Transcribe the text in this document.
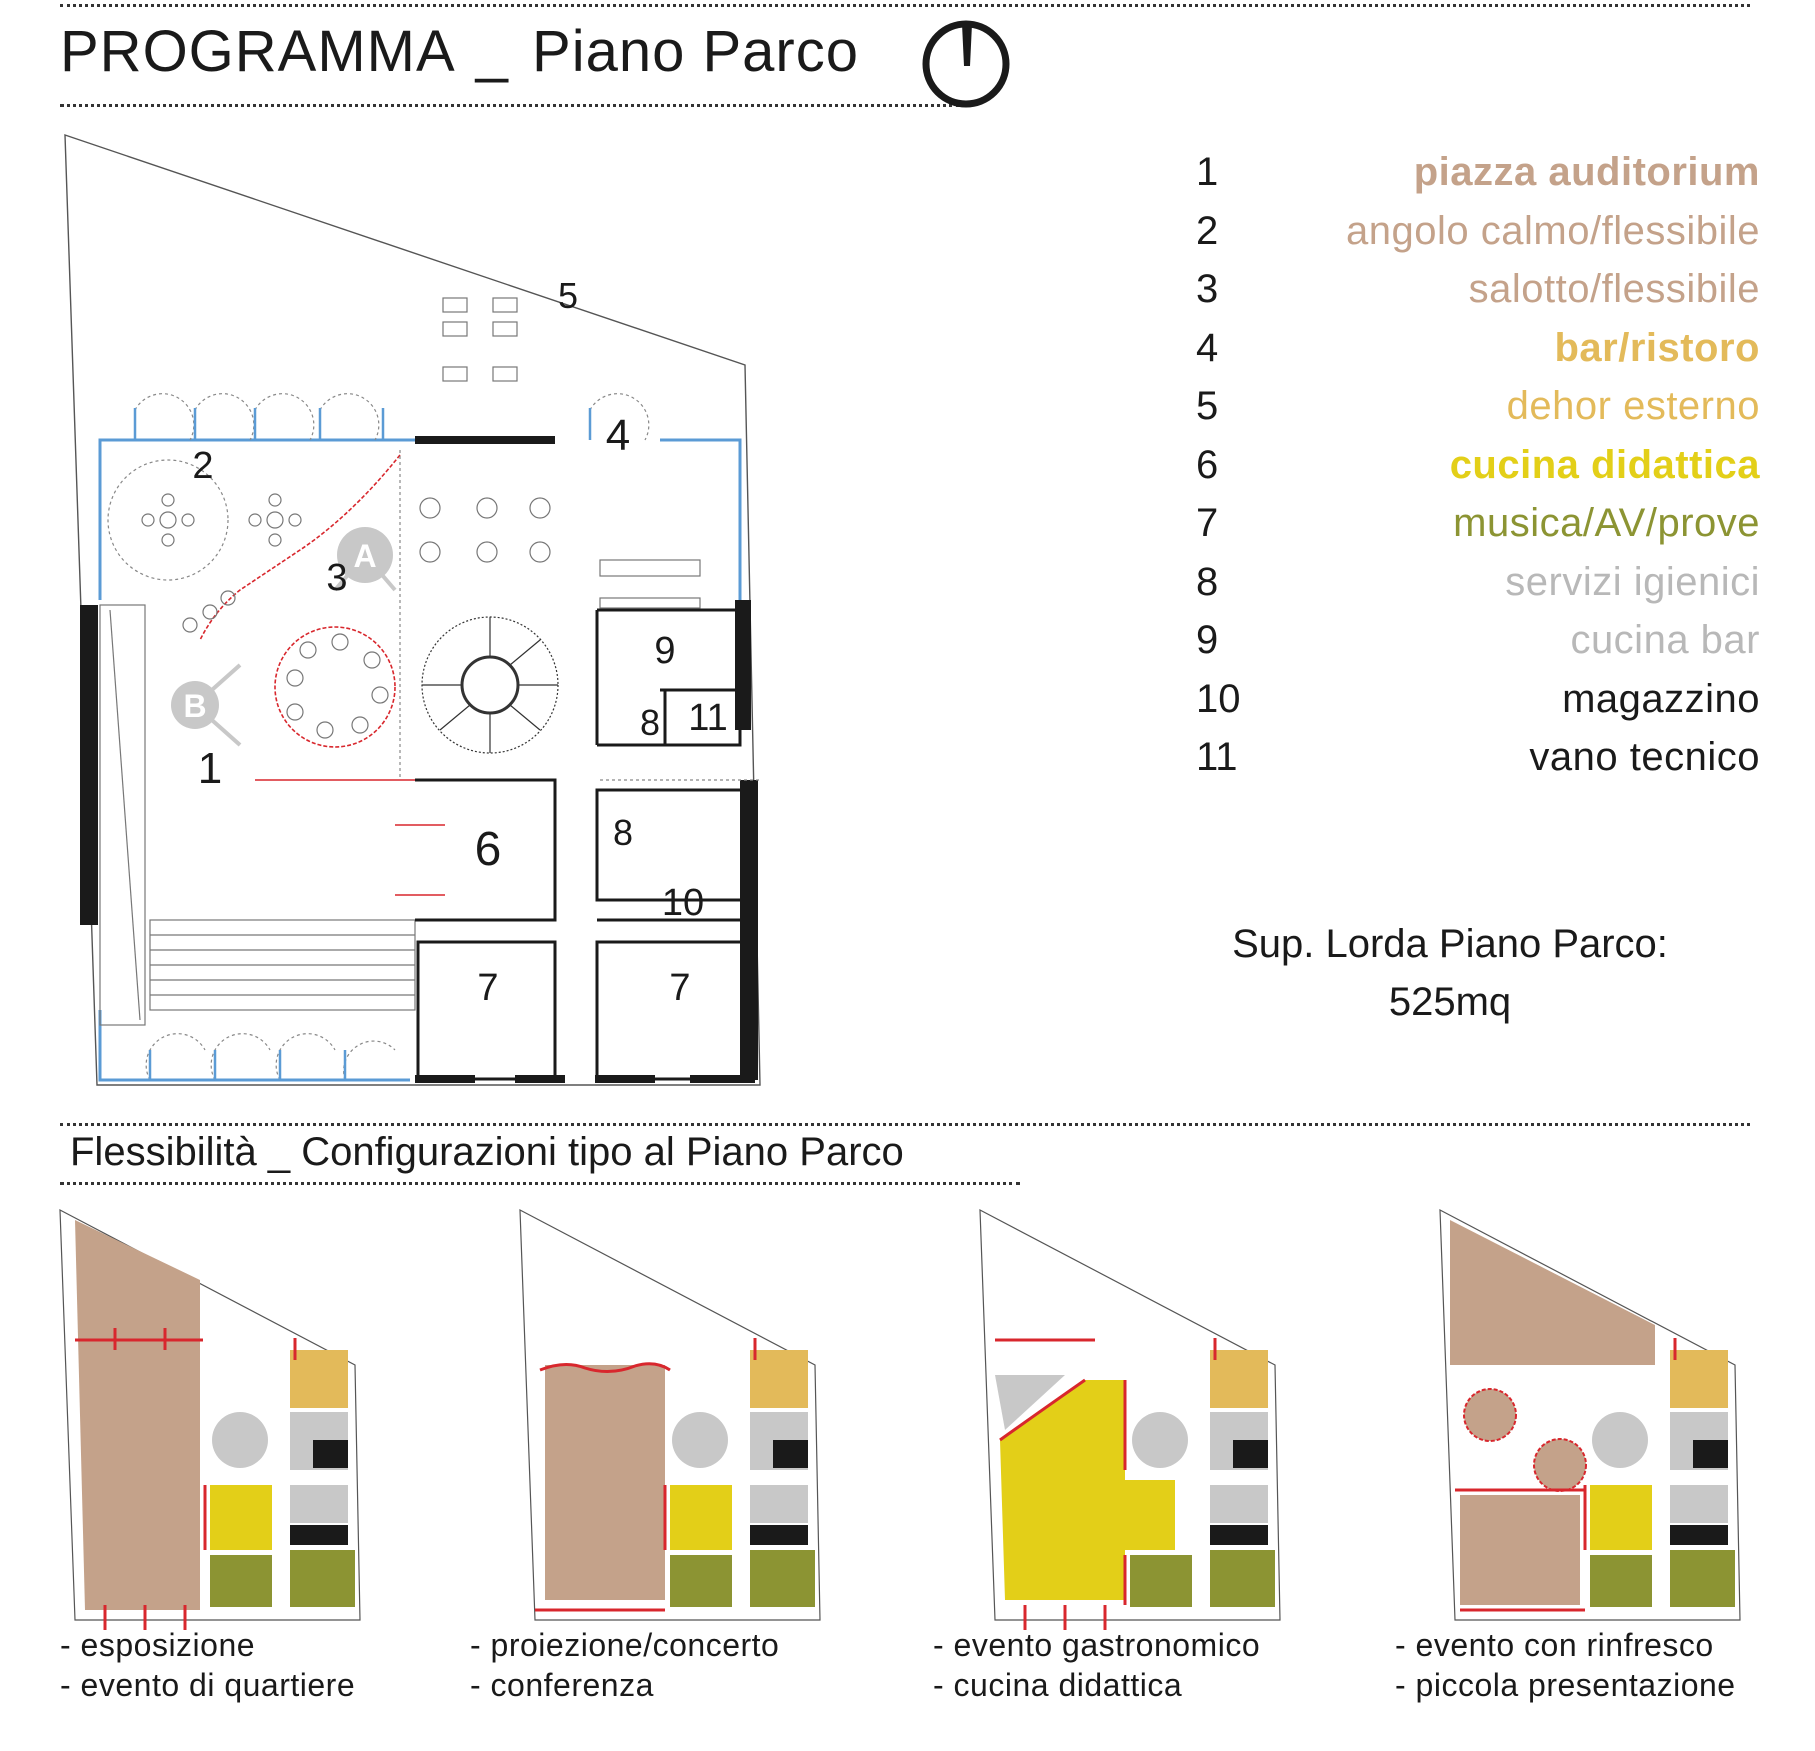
PROGRAMMA _ Piano Parco
1
2
3
4
5
6
7	7
8
8
9
10
11
A
B
1	piazza auditorium
2	angolo calmo/flessibile
3	salotto/flessibile
4	bar/ristoro
5	dehor esterno
6	cucina didattica
7	musica/AV/prove
8	servizi igienici
9	cucina bar
10	magazzino
11	vano tecnico
Sup. Lorda Piano Parco:
525mq
Flessibilità _ Configurazioni tipo al Piano Parco
- esposizione
- evento di quartiere
- proiezione/concerto
- conferenza
- evento gastronomico
- cucina didattica
- evento con rinfresco
- piccola presentazione
